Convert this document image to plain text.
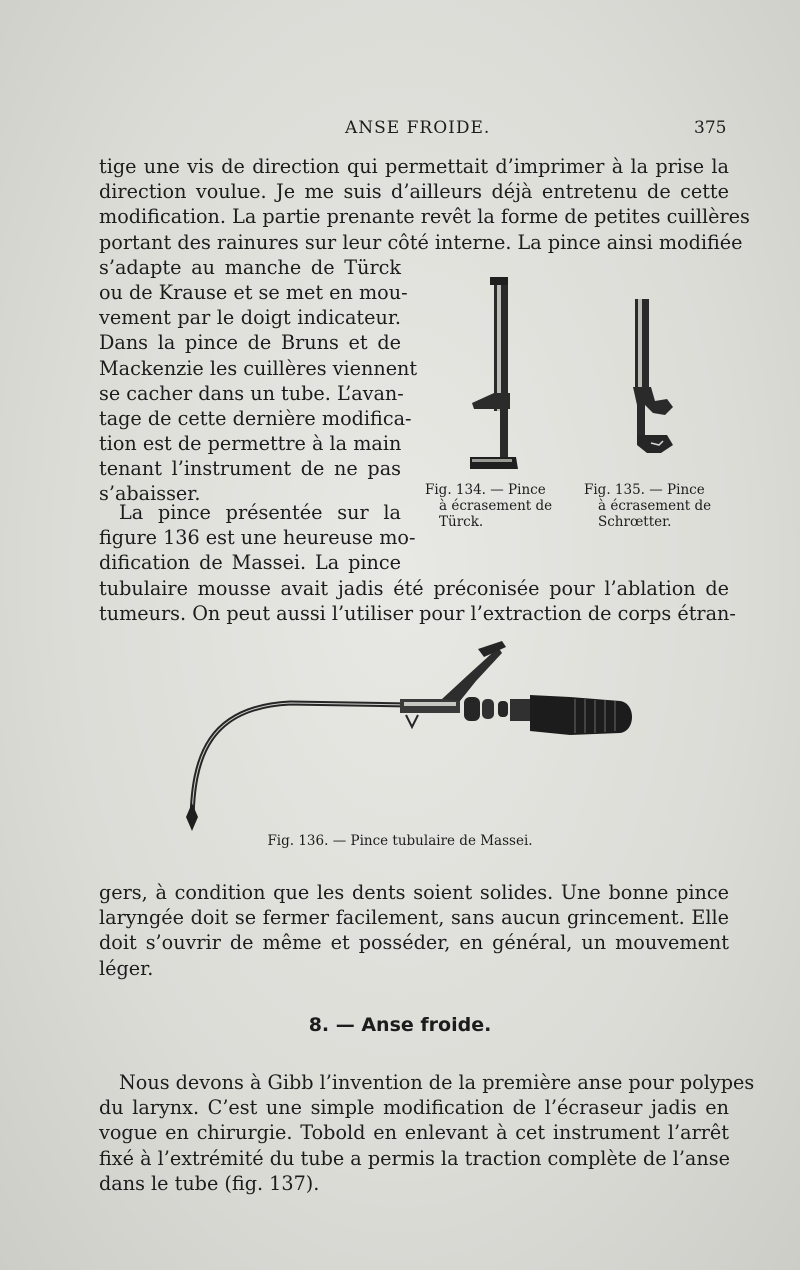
ANSE FROIDE.	375
tige une vis de direction qui permettait d’imprimer à la prise la
direction voulue. Je me suis d’ailleurs déjà entretenu de cette
modification. La partie prenante revêt la forme de petites cuillères
portant des rainures sur leur côté interne. La pince ainsi modifiée
s’adapte au manche de Türck
ou de Krause et se met en mou-
vement par le doigt indicateur.
Dans la pince de Bruns et de
Mackenzie les cuillères viennent
se cacher dans un tube. L’avan-
tage de cette dernière modifica-
tion est de permettre à la main
tenant l’instrument de ne pas
s’abaisser.
La pince présentée sur la
figure 136 est une heureuse mo-
dification de Massei. La pince
tubulaire mousse avait jadis été préconisée pour l’ablation de
tumeurs. On peut aussi l’utiliser pour l’extraction de corps étran-
Fig. 134. — Pince
à écrasement de
Türck.
Fig. 135. — Pince
à écrasement de
Schrœtter.
Fig. 136. — Pince tubulaire de Massei.
gers, à condition que les dents soient solides. Une bonne pince
laryngée doit se fermer facilement, sans aucun grincement. Elle
doit s’ouvrir de même et posséder, en général, un mouvement
léger.
8. — Anse froide.
Nous devons à Gibb l’invention de la première anse pour polypes
du larynx. C’est une simple modification de l’écraseur jadis en
vogue en chirurgie. Tobold en enlevant à cet instrument l’arrêt
fixé à l’extrémité du tube a permis la traction complète de l’anse
dans le tube (fig. 137).
